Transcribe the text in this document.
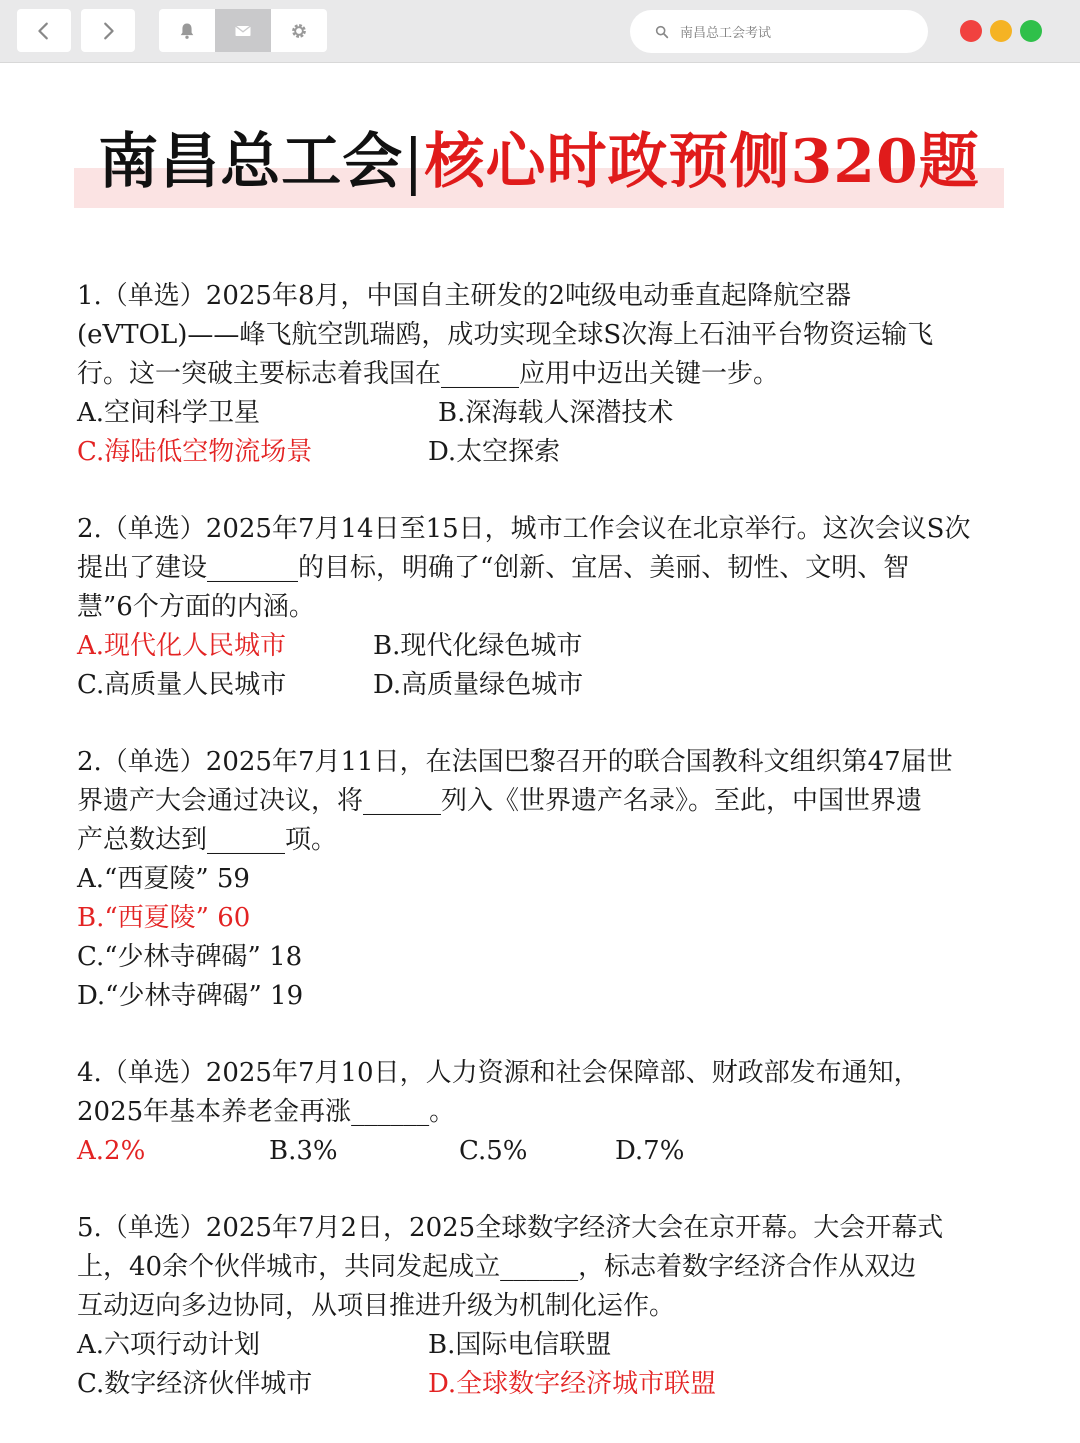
南昌总工会考试
南昌总工会|核心时政预侧320题
1.（单选）2025年8月，中国自主研发的2吨级电动垂直起降航空器
(eVTOL)——峰飞航空凯瑞鸥，成功实现全球S次海上石油平台物资运输飞
行。这一突破主要标志着我国在______应用中迈出关键一步。
A.空间科学卫星	B.深海载人深潜技术
C.海陆低空物流场景	D.太空探索
2.（单选）2025年7月14日至15日，城市工作会议在北京举行。这次会议S次
提出了建设_______的目标，明确了“创新、宜居、美丽、韧性、文明、智
慧”6个方面的内涵。
A.现代化人民城市	B.现代化绿色城市
C.高质量人民城市	D.高质量绿色城市
2.（单选）2025年7月11日，在法国巴黎召开的联合国教科文组织第47届世
界遗产大会通过决议，将______列入《世界遗产名录》。至此，中国世界遗
产总数达到______项。
A.“西夏陵” 59
B.“西夏陵” 60
C.“少林寺碑碣” 18
D.“少林寺碑碣” 19
4.（单选）2025年7月10日，人力资源和社会保障部、财政部发布通知，
2025年基本养老金再涨______。
A.2%	B.3%	C.5%	D.7%
5.（单选）2025年7月2日，2025全球数字经济大会在京开幕。大会开幕式
上，40余个伙伴城市，共同发起成立______，标志着数字经济合作从双边
互动迈向多边协同，从项目推进升级为机制化运作。
A.六项行动计划	B.国际电信联盟
C.数字经济伙伴城市	D.全球数字经济城市联盟
